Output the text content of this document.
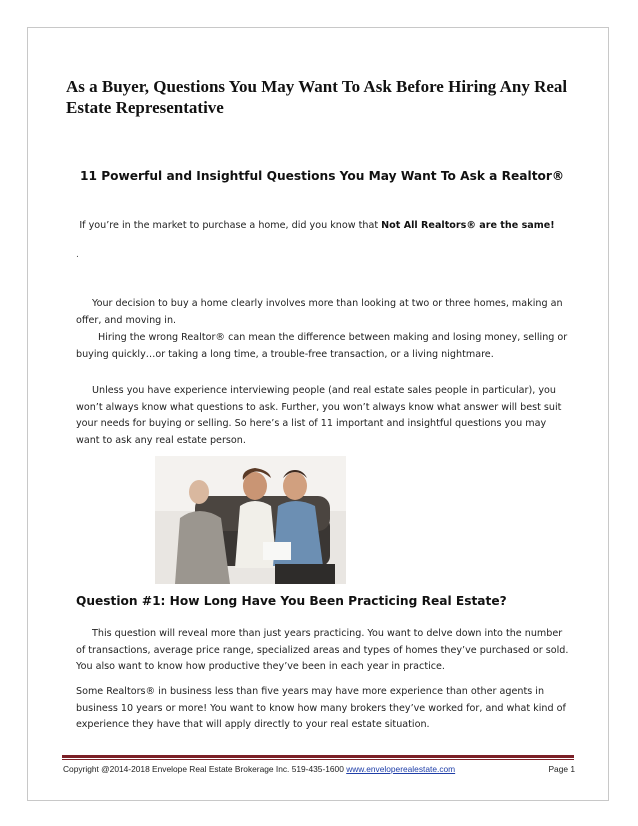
As a Buyer, Questions You May Want To Ask Before Hiring Any Real Estate Representative
11 Powerful and Insightful Questions You May Want To Ask a Realtor®
If you’re in the market to purchase a home, did you know that Not All Realtors® are the same!
.
Your decision to buy a home clearly involves more than looking at two or three homes, making an offer, and moving in.
Hiring the wrong Realtor® can mean the difference between making and losing money, selling or buying quickly…or taking a long time, a trouble-free transaction, or a living nightmare.
Unless you have experience interviewing people (and real estate sales people in particular), you won’t always know what questions to ask. Further, you won’t always know what answer will best suit your needs for buying or selling. So here’s a list of 11 important and insightful questions you may want to ask any real estate person.
Question #1: How Long Have You Been Practicing Real Estate?
This question will reveal more than just years practicing. You want to delve down into the number of transactions, average price range, specialized areas and types of homes they’ve purchased or sold. You also want to know how productive they’ve been in each year in practice.
Some Realtors® in business less than five years may have more experience than other agents in business 10 years or more! You want to know how many brokers they’ve worked for, and what kind of experience they have that will apply directly to your real estate situation.
Copyright @2014-2018 Envelope Real Estate Brokerage Inc. 519-435-1600 www.enveloperealestate.com	Page 1
